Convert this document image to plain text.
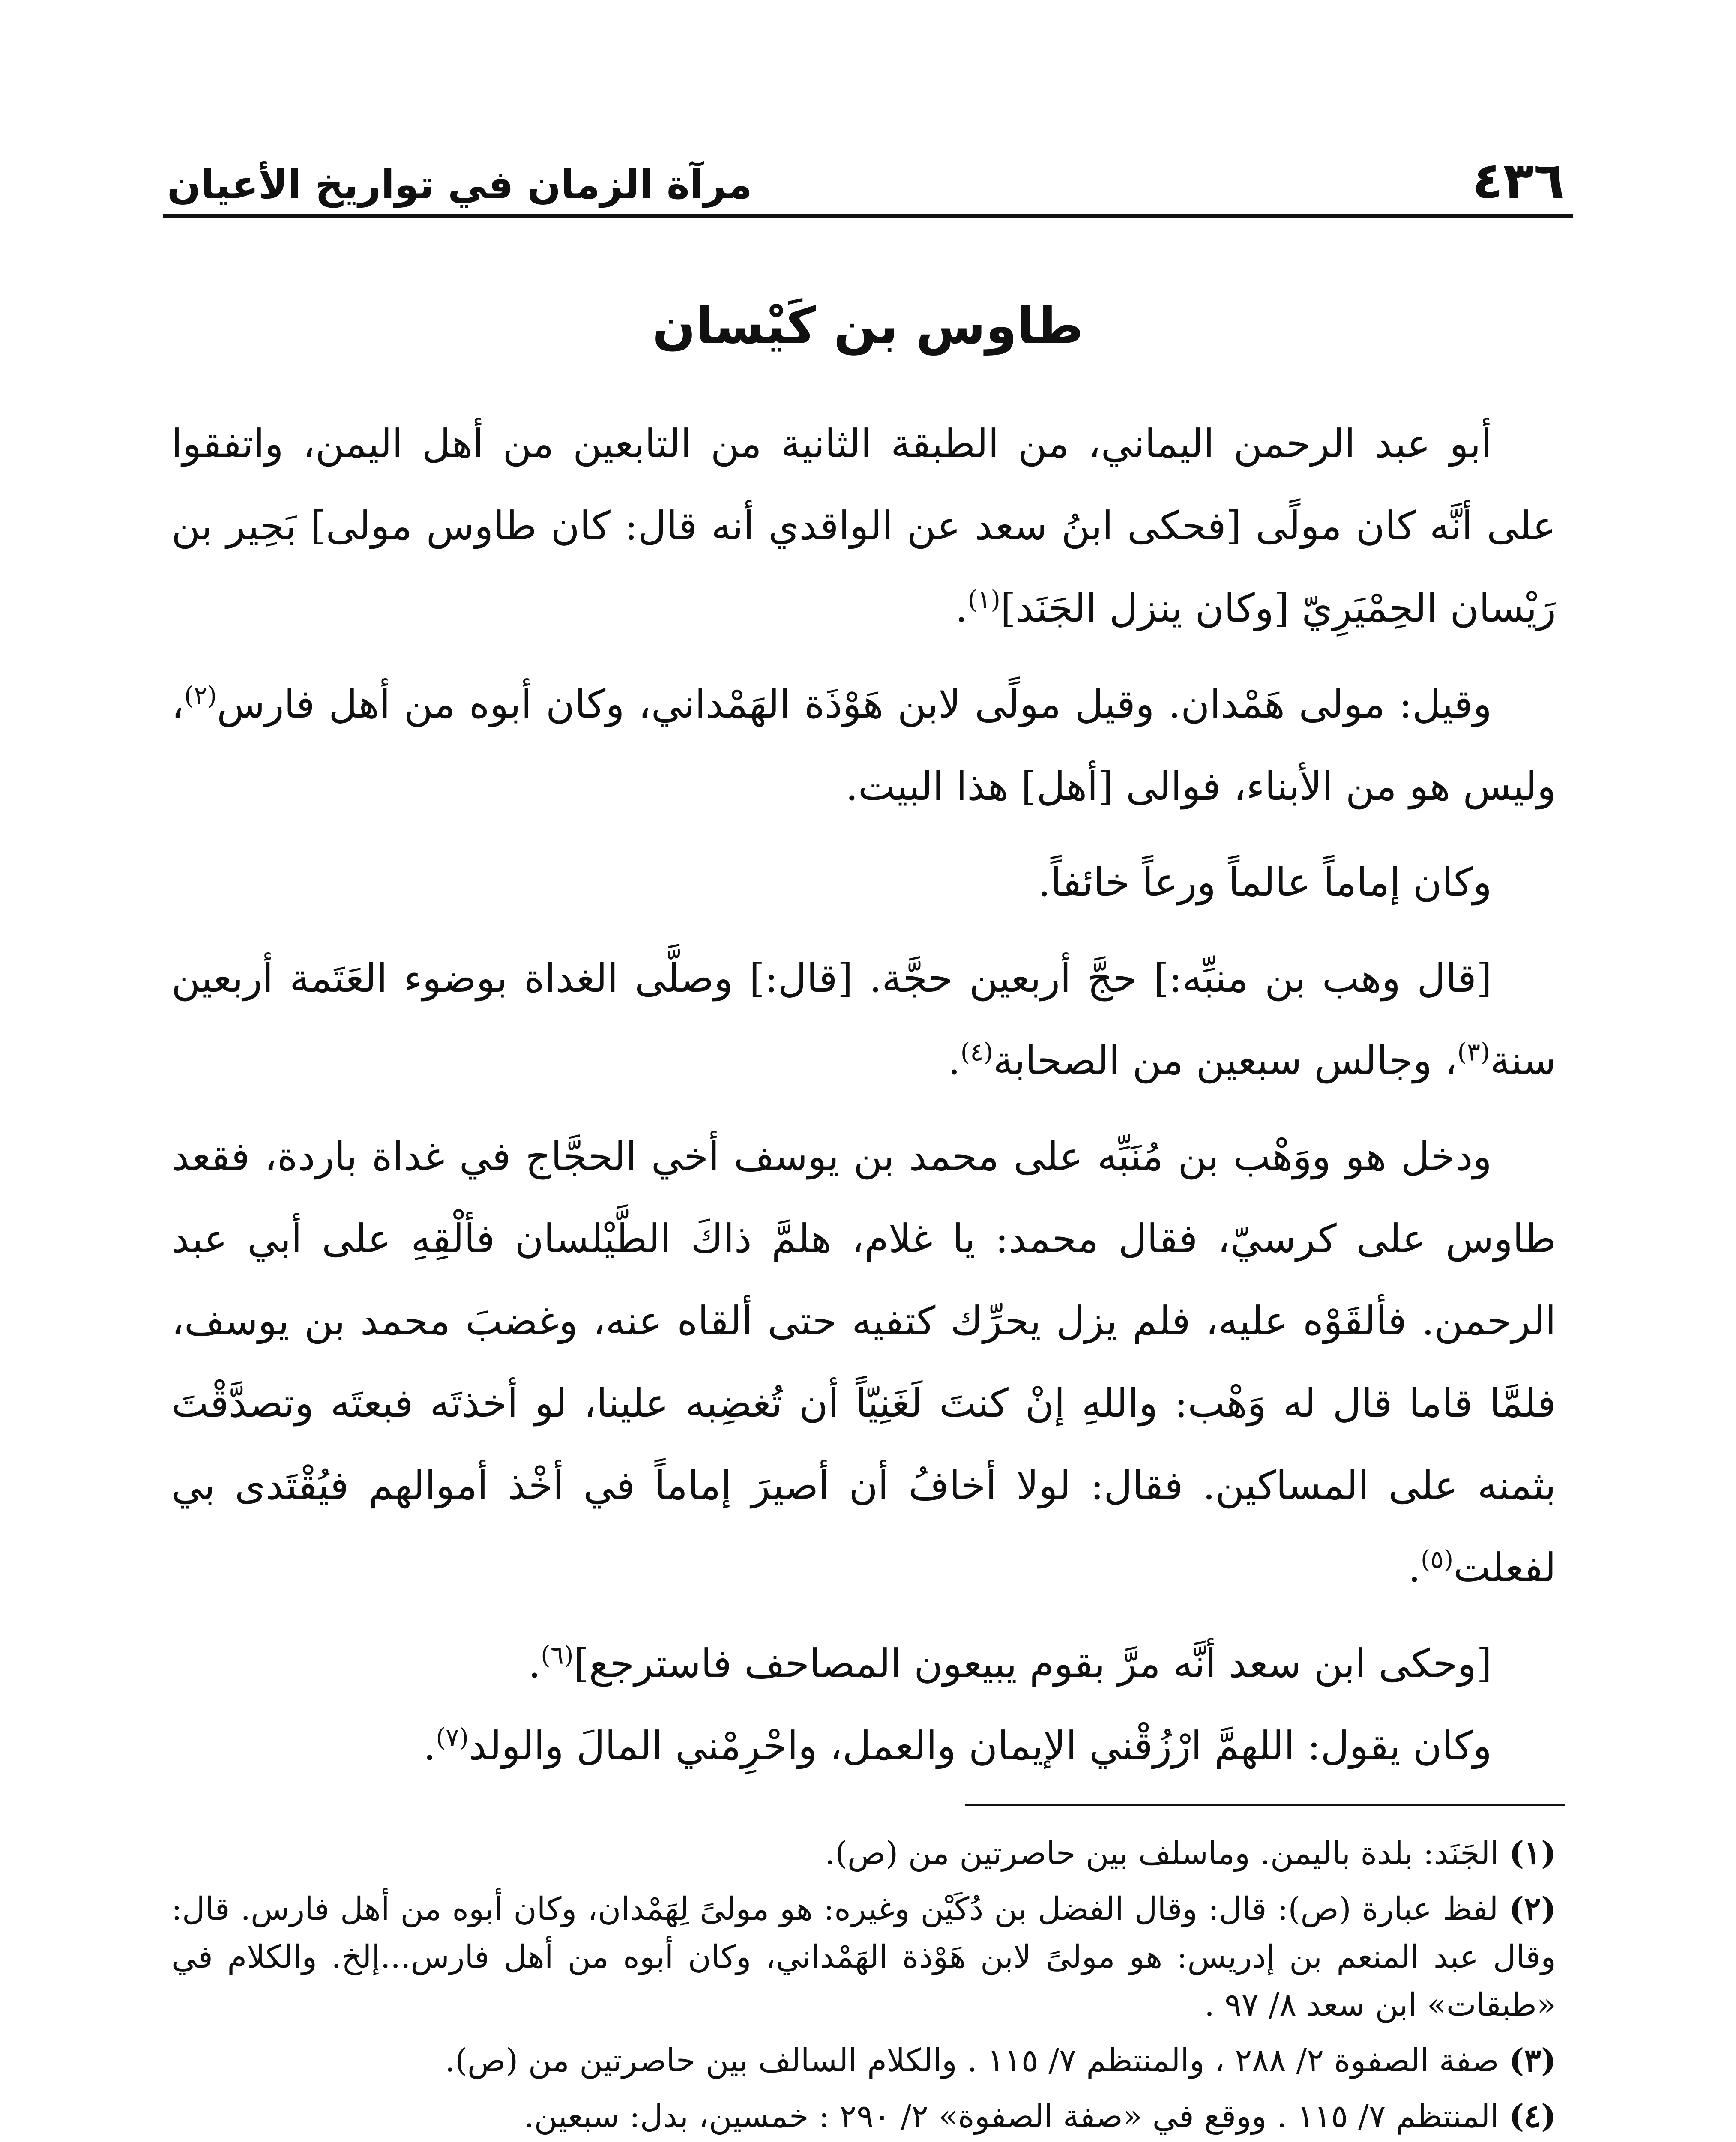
٤٣٦
مرآة الزمان في تواريخ الأعيان
طاوس بن كَيْسان

أبو عبد الرحمن اليماني، من الطبقة الثانية من التابعين من أهل اليمن، واتفقوا على أنَّه كان مولًى [فحكى ابنُ سعد عن الواقدي أنه قال: كان طاوس مولى] بَحِير بن رَيْسان الحِمْيَرِيّ [وكان ينزل الجَنَد]$^{(١)}$.

وقيل: مولى هَمْدان. وقيل مولًى لابن هَوْذَة الهَمْداني، وكان أبوه من أهل فارس$^{(٢)}$، وليس هو من الأبناء، فوالى [أهل] هذا البيت.

وكان إماماً عالماً ورعاً خائفاً.

[قال وهب بن منبِّه:] حجَّ أربعين حجَّة. [قال:] وصلَّى الغداة بوضوء العَتَمة أربعين سنة$^{(٣)}$، وجالس سبعين من الصحابة$^{(٤)}$.

ودخل هو ووَهْب بن مُنَبِّه على محمد بن يوسف أخي الحجَّاج في غداة باردة، فقعد طاوس على كرسيّ، فقال محمد: يا غلام، هلمَّ ذاكَ الطَّيْلسان فألْقِهِ على أبي عبد الرحمن. فألقَوْه عليه، فلم يزل يحرِّك كتفيه حتى ألقاه عنه، وغضبَ محمد بن يوسف، فلمَّا قاما قال له وَهْب: واللهِ إنْ كنتَ لَغَنِيّاً أن تُغضِبه علينا، لو أخذتَه فبعتَه وتصدَّقْتَ بثمنه على المساكين. فقال: لولا أخافُ أن أصيرَ إماماً في أخْذ أموالهم فيُقْتَدى بي لفعلت$^{(٥)}$.

[وحكى ابن سعد أنَّه مرَّ بقوم يبيعون المصاحف فاسترجع]$^{(٦)}$.

وكان يقول: اللهمَّ ارْزُقْني الإيمان والعمل، واحْرِمْني المالَ والولد$^{(٧)}$.

(١) الجَنَد: بلدة باليمن. وماسلف بين حاصرتين من (ص).

(٢) لفظ عبارة (ص): قال: وقال الفضل بن دُكَيْن وغيره: هو مولىً لِهَمْدان، وكان أبوه من أهل فارس. قال: وقال عبد المنعم بن إدريس: هو مولىً لابن هَوْذة الهَمْداني، وكان أبوه من أهل فارس...إلخ. والكلام في «طبقات» ابن سعد ٨/ ٩٧ .

(٣) صفة الصفوة ٢/ ٢٨٨ ، والمنتظم ٧/ ١١٥ . والكلام السالف بين حاصرتين من (ص).

(٤) المنتظم ٧/ ١١٥ . ووقع في «صفة الصفوة» ٢/ ٢٩٠ : خمسين، بدل: سبعين.
